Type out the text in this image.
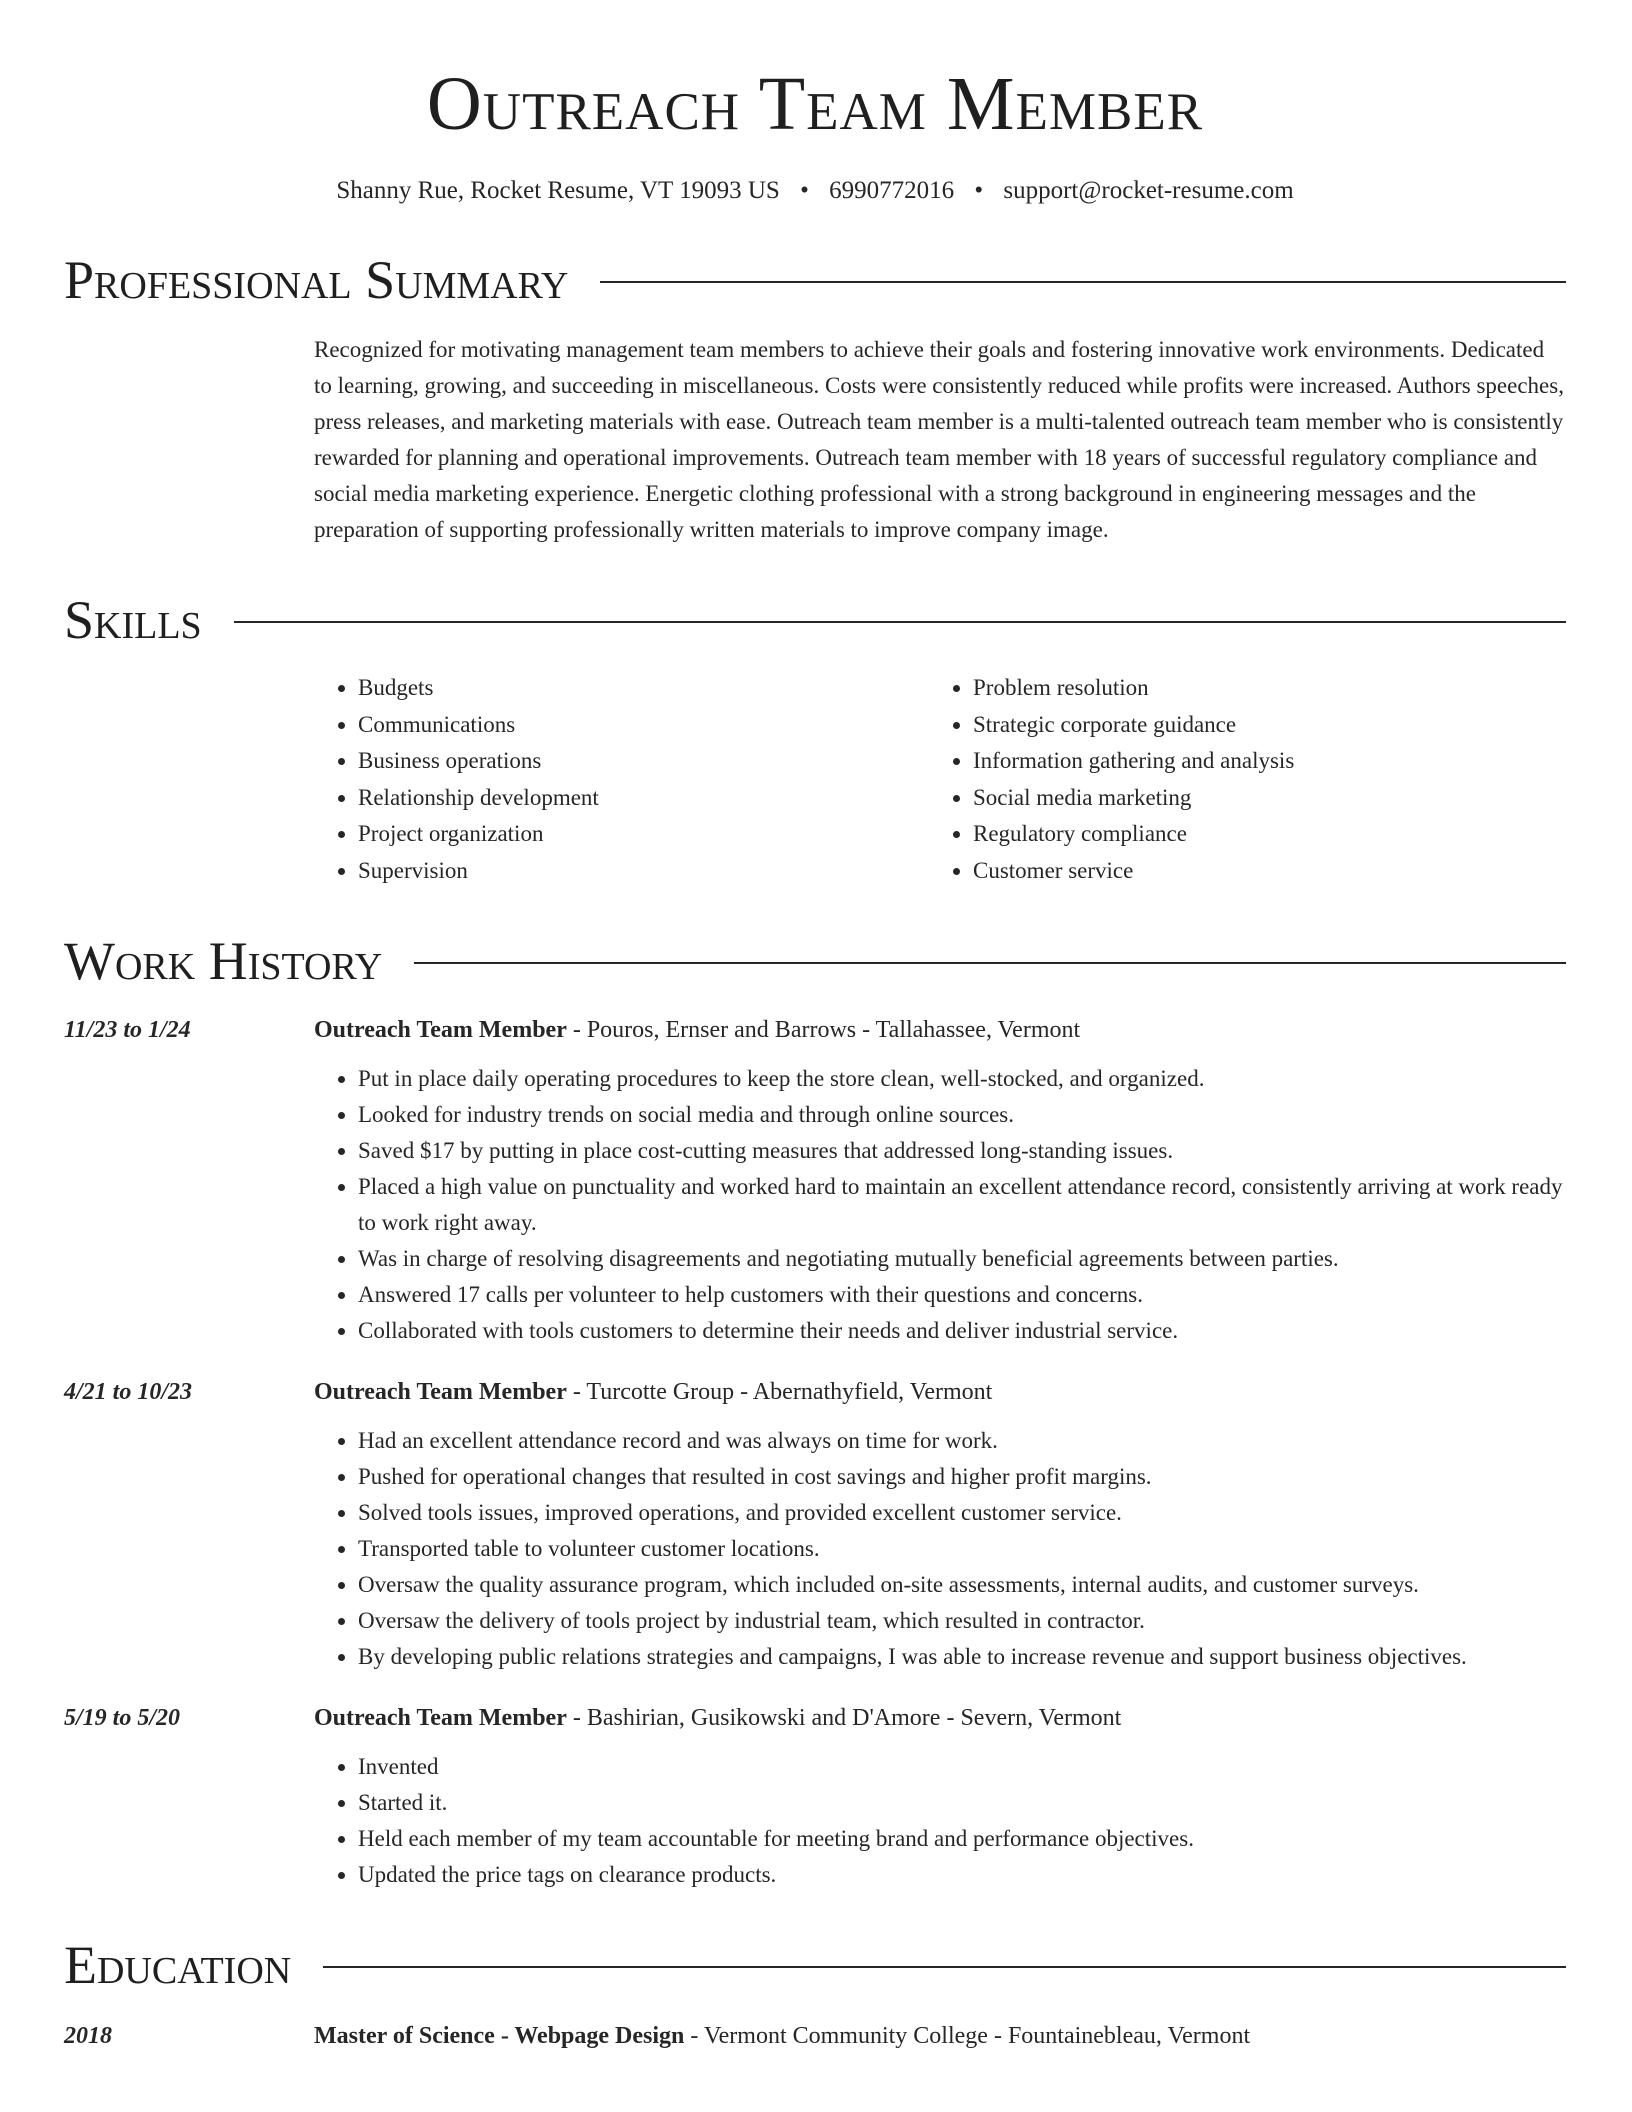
Outreach Team Member
Shanny Rue, Rocket Resume, VT 19093 US • 6990772016 • support@rocket-resume.com
Professional Summary
Recognized for motivating management team members to achieve their goals and fostering innovative work environments. Dedicated to learning, growing, and succeeding in miscellaneous. Costs were consistently reduced while profits were increased. Authors speeches, press releases, and marketing materials with ease. Outreach team member is a multi-talented outreach team member who is consistently rewarded for planning and operational improvements. Outreach team member with 18 years of successful regulatory compliance and social media marketing experience. Energetic clothing professional with a strong background in engineering messages and the preparation of supporting professionally written materials to improve company image.
Skills
• Budgets
• Communications
• Business operations
• Relationship development
• Project organization
• Supervision
• Problem resolution
• Strategic corporate guidance
• Information gathering and analysis
• Social media marketing
• Regulatory compliance
• Customer service
Work History
11/23 to 1/24	Outreach Team Member - Pouros, Ernser and Barrows - Tallahassee, Vermont
• Put in place daily operating procedures to keep the store clean, well-stocked, and organized.
• Looked for industry trends on social media and through online sources.
• Saved $17 by putting in place cost-cutting measures that addressed long-standing issues.
• Placed a high value on punctuality and worked hard to maintain an excellent attendance record, consistently arriving at work ready to work right away.
• Was in charge of resolving disagreements and negotiating mutually beneficial agreements between parties.
• Answered 17 calls per volunteer to help customers with their questions and concerns.
• Collaborated with tools customers to determine their needs and deliver industrial service.
4/21 to 10/23	Outreach Team Member - Turcotte Group - Abernathyfield, Vermont
• Had an excellent attendance record and was always on time for work.
• Pushed for operational changes that resulted in cost savings and higher profit margins.
• Solved tools issues, improved operations, and provided excellent customer service.
• Transported table to volunteer customer locations.
• Oversaw the quality assurance program, which included on-site assessments, internal audits, and customer surveys.
• Oversaw the delivery of tools project by industrial team, which resulted in contractor.
• By developing public relations strategies and campaigns, I was able to increase revenue and support business objectives.
5/19 to 5/20	Outreach Team Member - Bashirian, Gusikowski and D'Amore - Severn, Vermont
• Invented
• Started it.
• Held each member of my team accountable for meeting brand and performance objectives.
• Updated the price tags on clearance products.
Education
2018	Master of Science - Webpage Design - Vermont Community College - Fountainebleau, Vermont
